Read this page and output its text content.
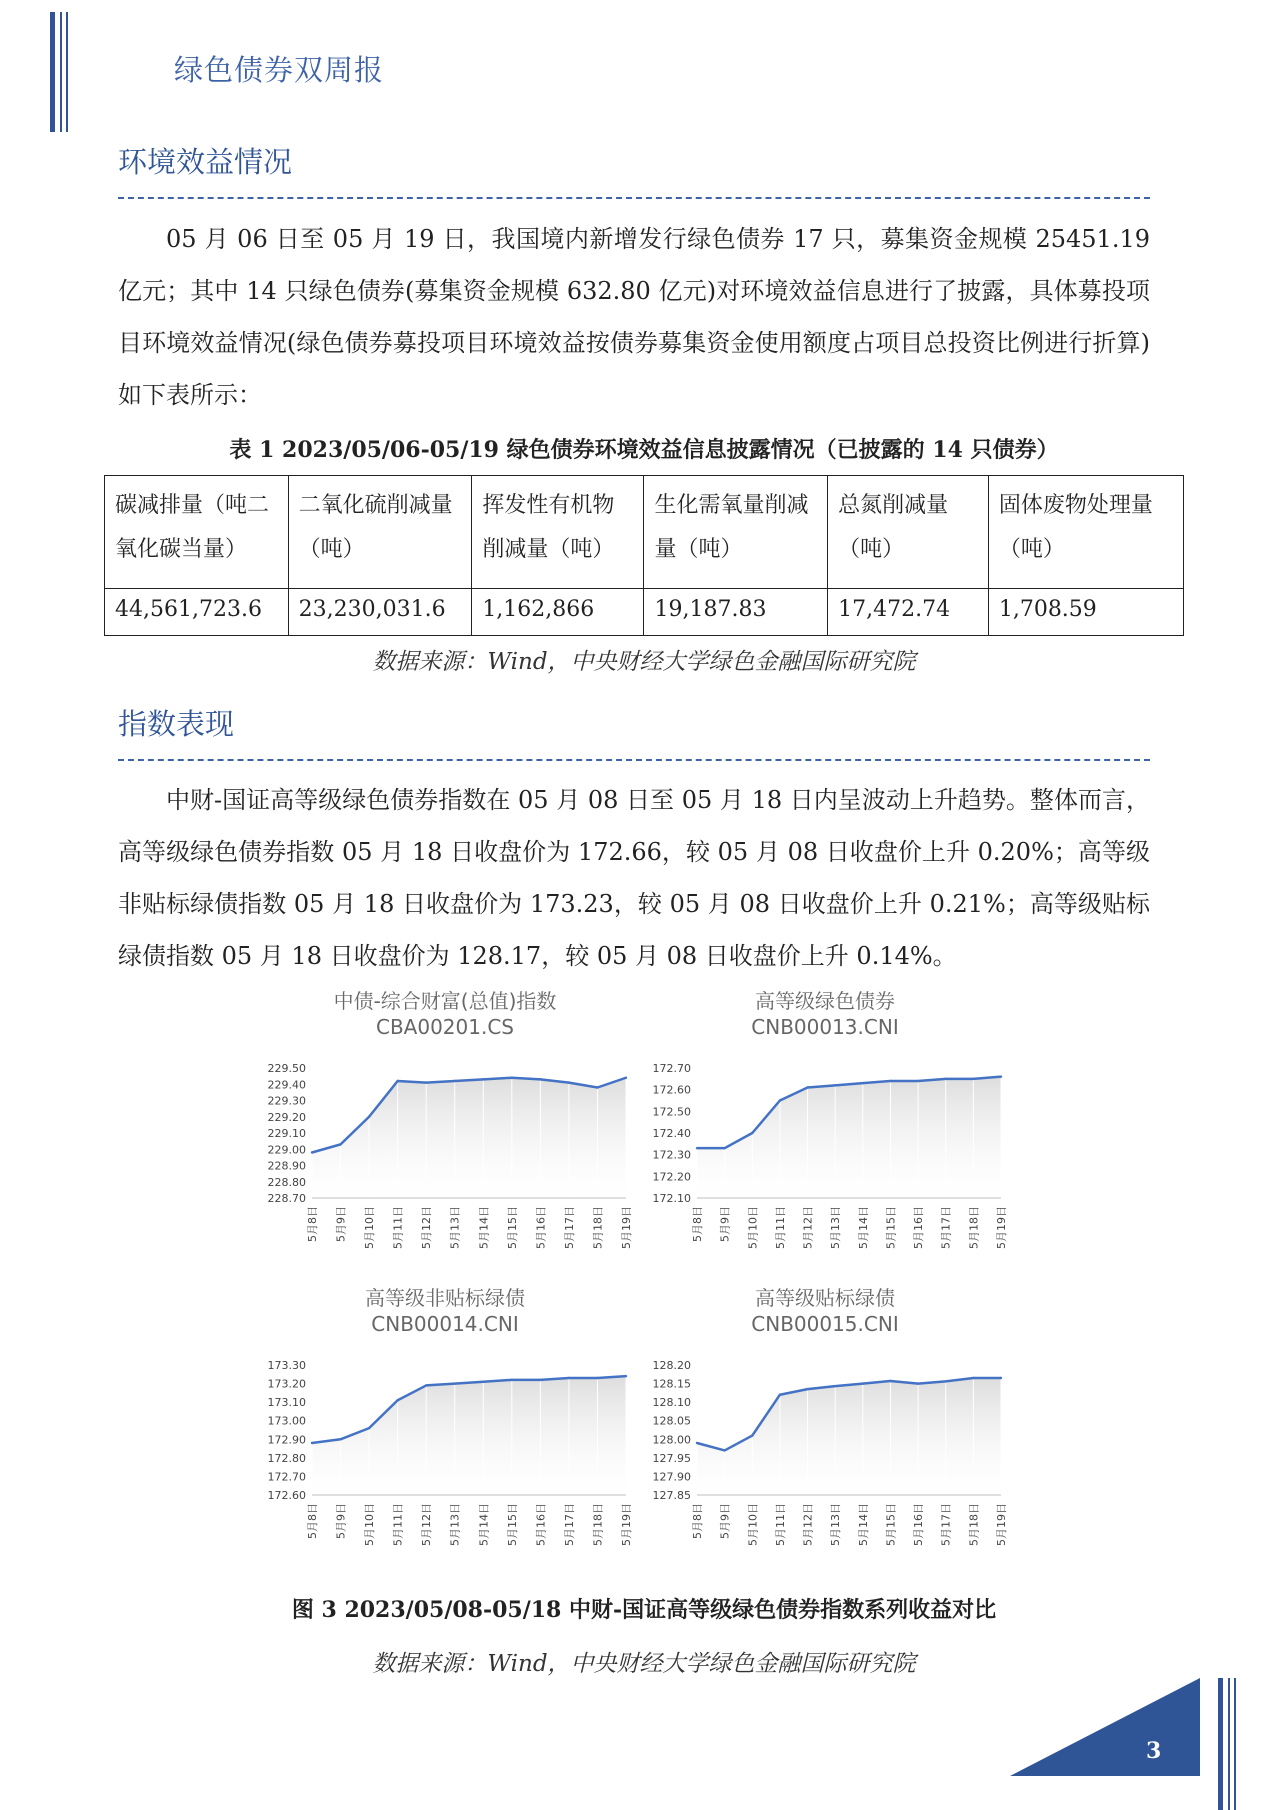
绿色债券双周报
环境效益情况

05 月 06 日至 05 月 19 日，我国境内新增发行绿色债券 17 只，募集资金规模 25451.19 亿元；其中 14 只绿色债券(募集资金规模 632.80 亿元)对环境效益信息进行了披露，具体募投项目环境效益情况(绿色债券募投项目环境效益按债券募集资金使用额度占项目总投资比例进行折算)如下表所示：

表 1 2023/05/06-05/19 绿色债券环境效益信息披露情况（已披露的 14 只债券）
碳减排量（吨二氧化碳当量）	二氧化硫削减量（吨）	挥发性有机物削减量（吨）	生化需氧量削减量（吨）	总氮削减量（吨）	固体废物处理量（吨）
44,561,723.6	23,230,031.6	1,162,866	19,187.83	17,472.74	1,708.59
数据来源：Wind，中央财经大学绿色金融国际研究院
指数表现

中财-国证高等级绿色债券指数在 05 月 08 日至 05 月 18 日内呈波动上升趋势。整体而言，高等级绿色债券指数 05 月 18 日收盘价为 172.66，较 05 月 08 日收盘价上升 0.20%；高等级非贴标绿债指数 05 月 18 日收盘价为 173.23，较 05 月 08 日收盘价上升 0.21%；高等级贴标绿债指数 05 月 18 日收盘价为 128.17，较 05 月 08 日收盘价上升 0.14%。

中债-综合财富(总值)指数
CBA00201.CS
228.70
228.80
228.90
229.00
229.10
229.20
229.30
229.40
229.50
5月8日 5月9日 5月10日 5月11日 5月12日 5月13日 5月14日 5月15日 5月16日 5月17日 5月18日 5月19日
高等级绿色债券
CNB00013.CNI
172.10
172.20
172.30
172.40
172.50
172.60
172.70
5月8日 5月9日 5月10日 5月11日 5月12日 5月13日 5月14日 5月15日 5月16日 5月17日 5月18日 5月19日
高等级非贴标绿债
CNB00014.CNI
172.60
172.70
172.80
172.90
173.00
173.10
173.20
173.30
5月8日 5月9日 5月10日 5月11日 5月12日 5月13日 5月14日 5月15日 5月16日 5月17日 5月18日 5月19日
高等级贴标绿债
CNB00015.CNI
127.85
127.90
127.95
128.00
128.05
128.10
128.15
128.20
5月8日 5月9日 5月10日 5月11日 5月12日 5月13日 5月14日 5月15日 5月16日 5月17日 5月18日 5月19日
图 3 2023/05/08-05/18 中财-国证高等级绿色债券指数系列收益对比
数据来源：Wind，中央财经大学绿色金融国际研究院
3
